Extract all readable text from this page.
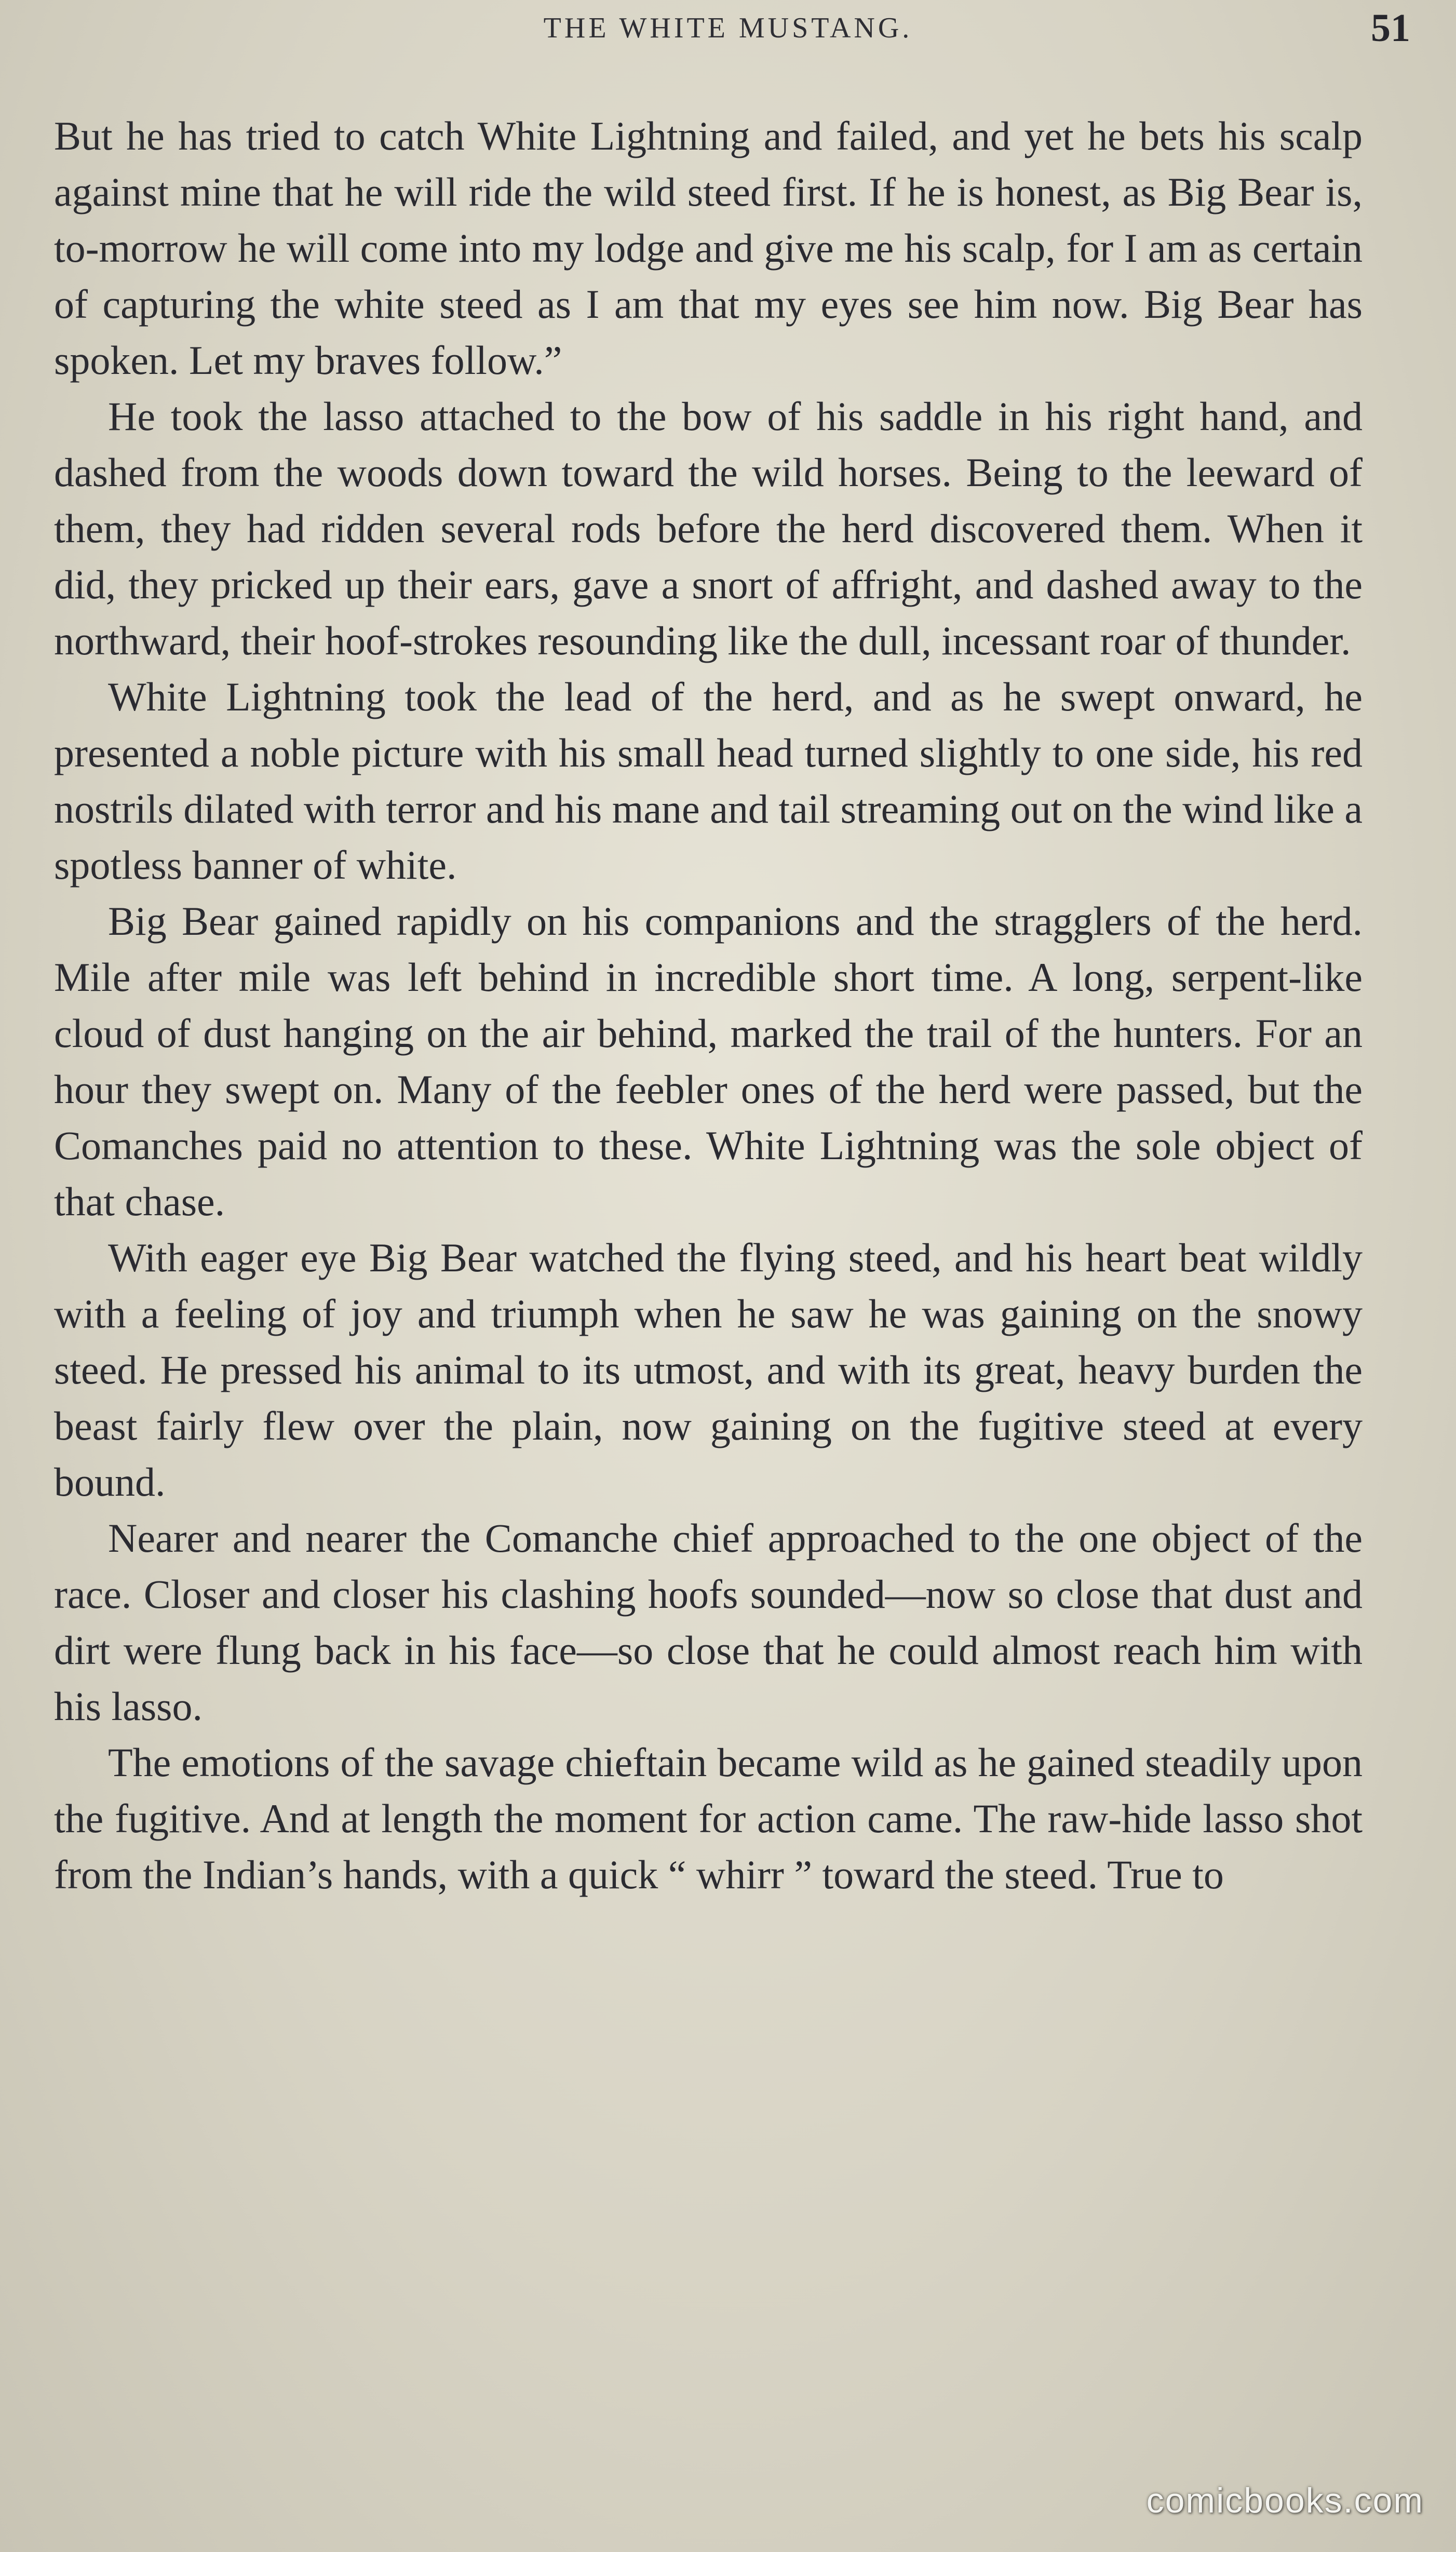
THE WHITE MUSTANG.	51

But he has tried to catch White Lightning and failed, and yet he bets his scalp against mine that he will ride the wild steed first. If he is honest, as Big Bear is, to-morrow he will come into my lodge and give me his scalp, for I am as certain of capturing the white steed as I am that my eyes see him now. Big Bear has spoken. Let my braves follow.”

He took the lasso attached to the bow of his saddle in his right hand, and dashed from the woods down toward the wild horses. Being to the leeward of them, they had ridden several rods before the herd discovered them. When it did, they pricked up their ears, gave a snort of affright, and dashed away to the northward, their hoof-strokes resounding like the dull, incessant roar of thunder.

White Lightning took the lead of the herd, and as he swept onward, he presented a noble picture with his small head turned slightly to one side, his red nostrils dilated with terror and his mane and tail streaming out on the wind like a spotless banner of white.

Big Bear gained rapidly on his companions and the stragglers of the herd. Mile after mile was left behind in incredible short time. A long, serpent-like cloud of dust hanging on the air behind, marked the trail of the hunters. For an hour they swept on. Many of the feebler ones of the herd were passed, but the Comanches paid no attention to these. White Lightning was the sole object of that chase.

With eager eye Big Bear watched the flying steed, and his heart beat wildly with a feeling of joy and triumph when he saw he was gaining on the snowy steed. He pressed his animal to its utmost, and with its great, heavy burden the beast fairly flew over the plain, now gaining on the fugitive steed at every bound.

Nearer and nearer the Comanche chief approached to the one object of the race. Closer and closer his clashing hoofs sounded—now so close that dust and dirt were flung back in his face—so close that he could almost reach him with his lasso.

The emotions of the savage chieftain became wild as he gained steadily upon the fugitive. And at length the moment for action came. The raw-hide lasso shot from the Indian’s hands, with a quick “ whirr ” toward the steed. True to

comicbooks.com
